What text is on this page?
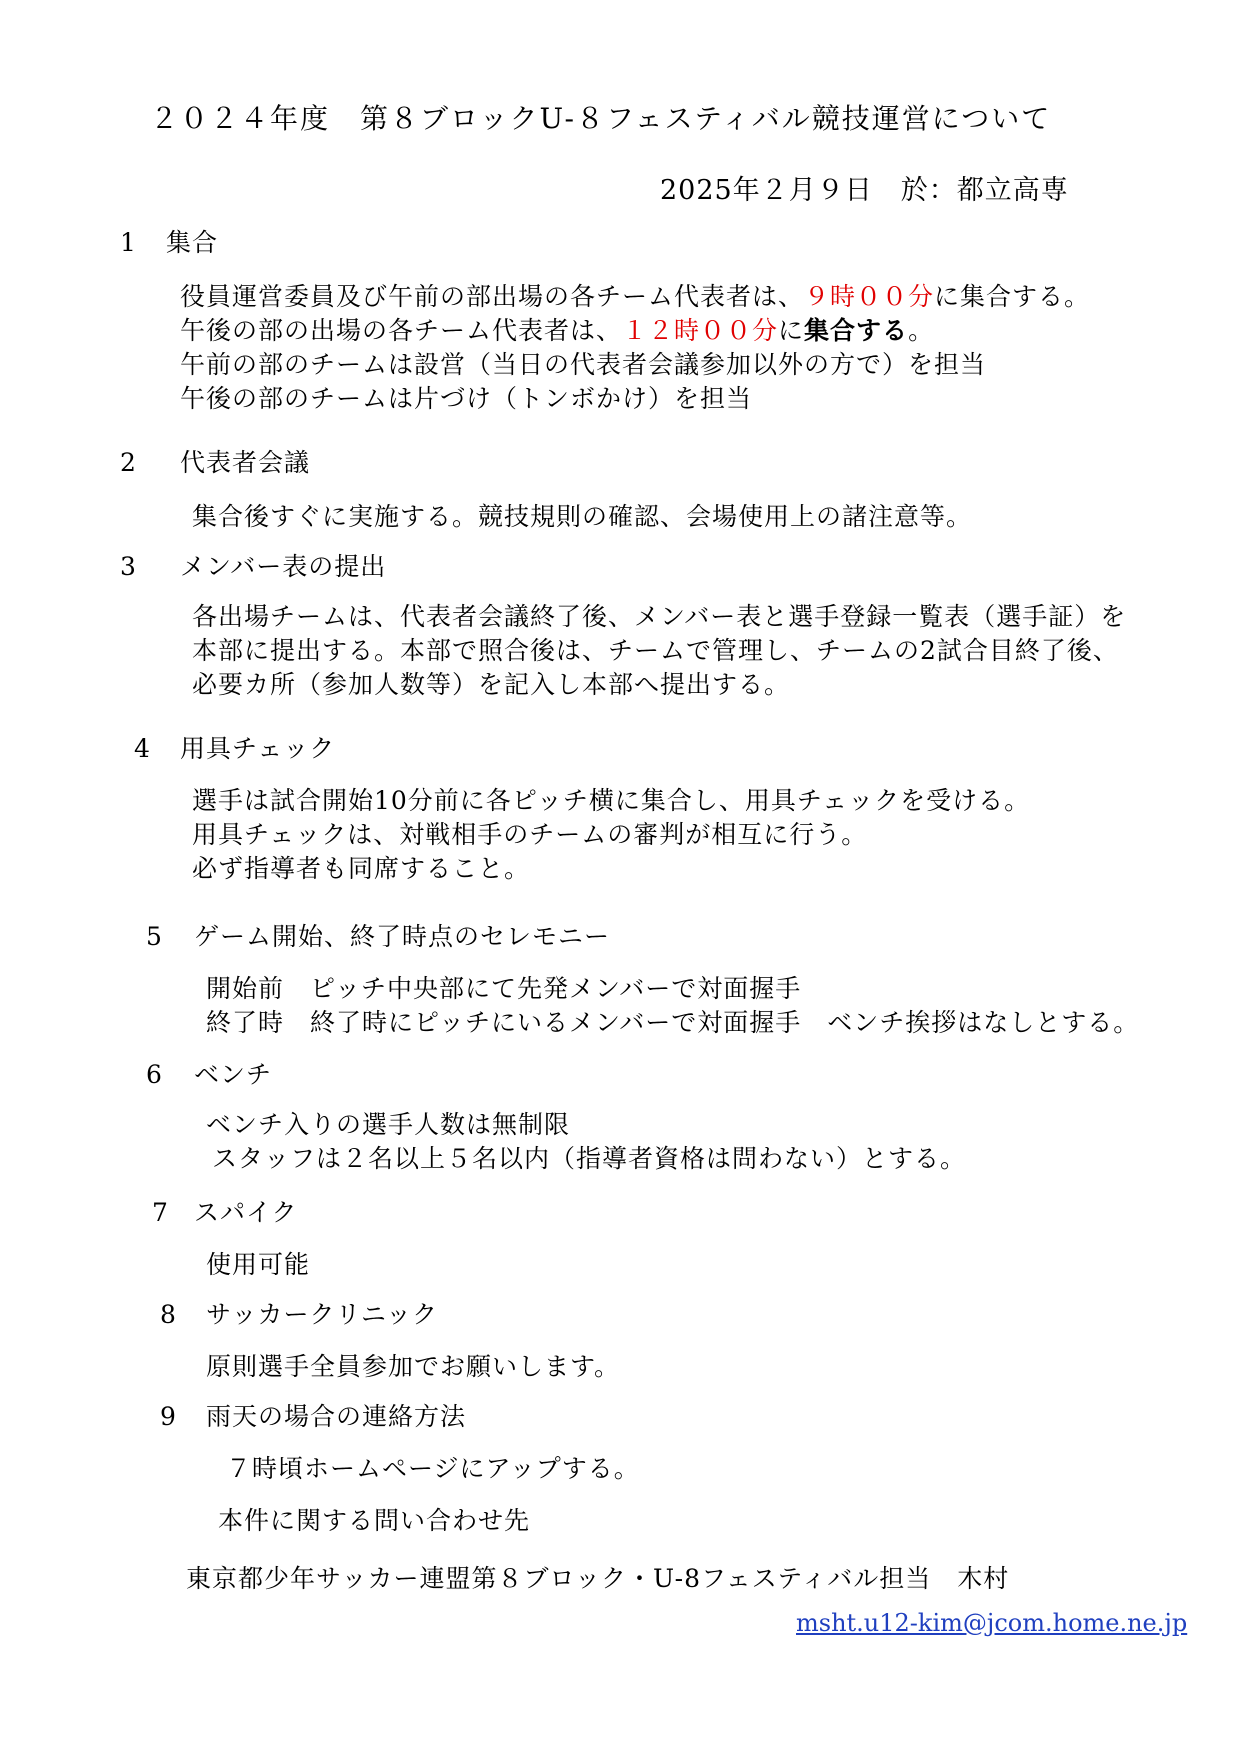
２０２４年度　第８ブロックU-８フェスティバル競技運営について
2025年２月９日　於：都立高専
1 集合
役員運営委員及び午前の部出場の各チーム代表者は、９時００分に集合する。
午後の部の出場の各チーム代表者は、１２時００分に集合する。
午前の部のチームは設営（当日の代表者会議参加以外の方で）を担当
午後の部のチームは片づけ（トンボかけ）を担当
2 代表者会議
集合後すぐに実施する。競技規則の確認、会場使用上の諸注意等。
3 メンバー表の提出
各出場チームは、代表者会議終了後、メンバー表と選手登録一覧表（選手証）を
本部に提出する。本部で照合後は、チームで管理し、チームの2試合目終了後、
必要カ所（参加人数等）を記入し本部へ提出する。
4 用具チェック
選手は試合開始10分前に各ピッチ横に集合し、用具チェックを受ける。
用具チェックは、対戦相手のチームの審判が相互に行う。
必ず指導者も同席すること。
5 ゲーム開始、終了時点のセレモニー
開始前　ピッチ中央部にて先発メンバーで対面握手
終了時　終了時にピッチにいるメンバーで対面握手　ベンチ挨拶はなしとする。
6 ベンチ
ベンチ入りの選手人数は無制限
スタッフは２名以上５名以内（指導者資格は問わない）とする。
7 スパイク
使用可能
8 サッカークリニック
原則選手全員参加でお願いします。
9 雨天の場合の連絡方法
７時頃ホームページにアップする。
本件に関する問い合わせ先
東京都少年サッカー連盟第８ブロック・U-8フェスティバル担当　木村
msht.u12-kim@jcom.home.ne.jp
